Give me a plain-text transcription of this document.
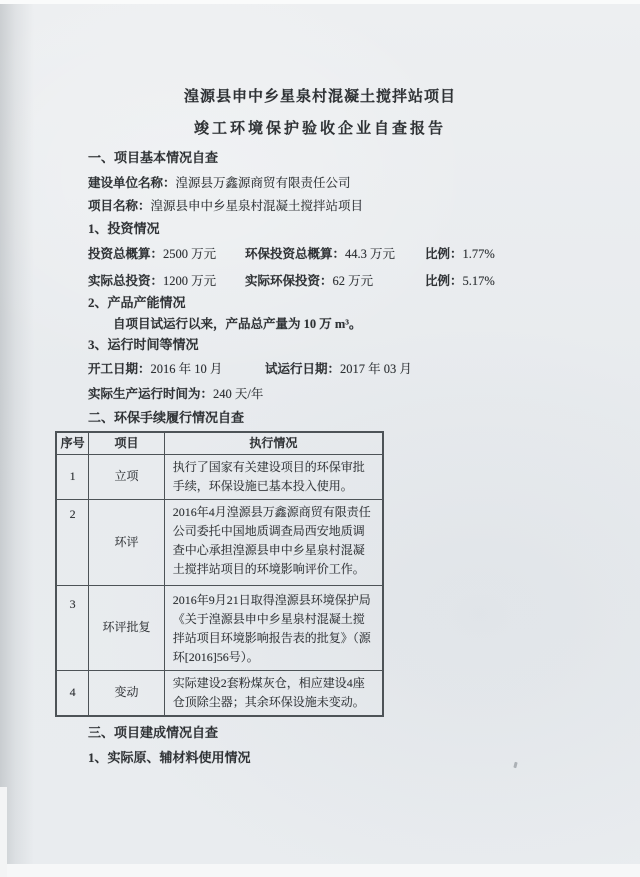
湟源县申中乡星泉村混凝土搅拌站项目
竣工环境保护验收企业自查报告
一、项目基本情况自查
建设单位名称：湟源县万鑫源商贸有限责任公司
项目名称：湟源县申中乡星泉村混凝土搅拌站项目
1、投资情况
投资总概算：2500 万元	环保投资总概算：44.3 万元	比例：1.77%
实际总投资：1200 万元	实际环保投资：62 万元	比例：5.17%
2、产品产能情况
自项目试运行以来，产品总产量为 10 万 m³。
3、运行时间等情况
开工日期：2016 年 10 月	试运行日期：2017 年 03 月
实际生产运行时间为：240 天/年
二、环保手续履行情况自查
序号	项目	执行情况
1	立项	执行了国家有关建设项目的环保审批手续，环保设施已基本投入使用。
2	环评	2016年4月湟源县万鑫源商贸有限责任公司委托中国地质调查局西安地质调查中心承担湟源县申中乡星泉村混凝土搅拌站项目的环境影响评价工作。
3	环评批复	2016年9月21日取得湟源县环境保护局《关于湟源县申中乡星泉村混凝土搅拌站项目环境影响报告表的批复》（源环[2016]56号）。
4	变动	实际建设2套粉煤灰仓，相应建设4座仓顶除尘器；其余环保设施未变动。
三、项目建成情况自查
1、实际原、辅材料使用情况
